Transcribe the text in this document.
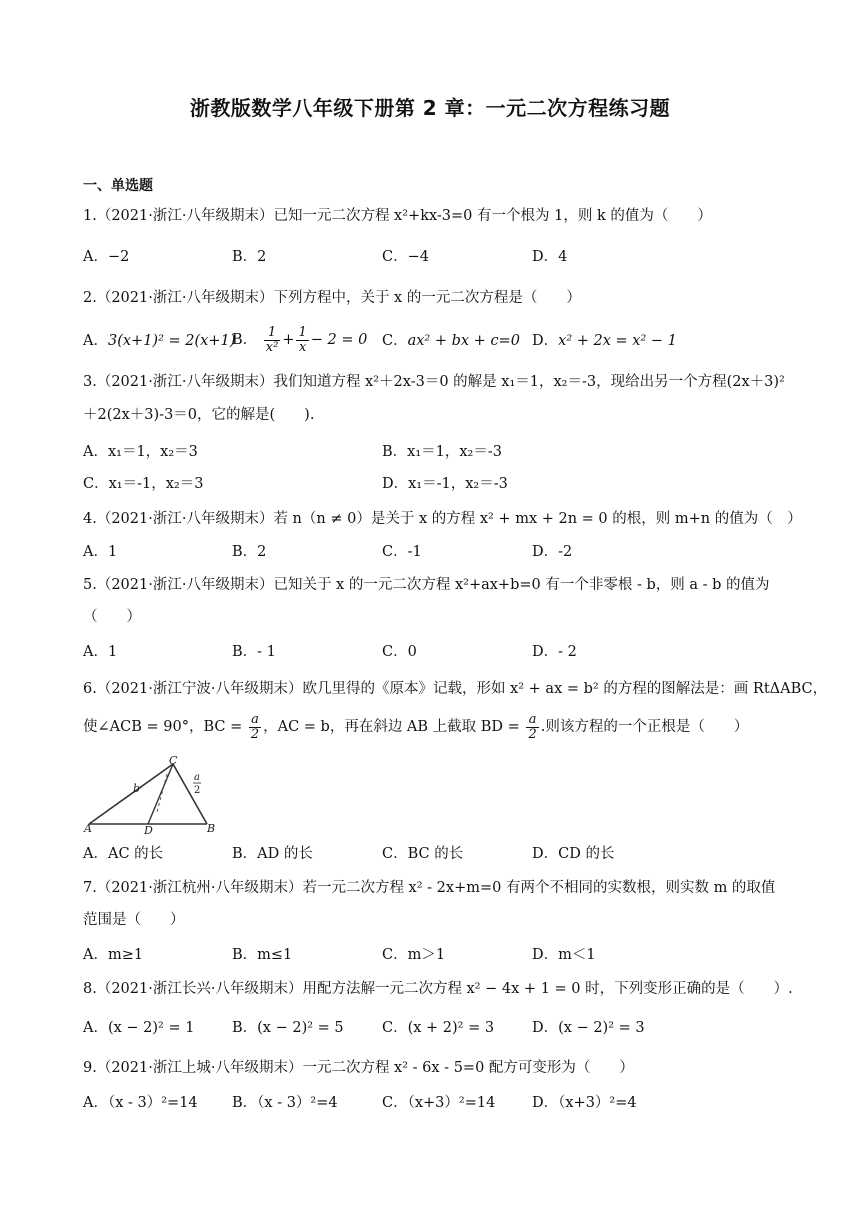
浙教版数学八年级下册第 2 章：一元二次方程练习题
一、单选题
1.（2021·浙江·八年级期末）已知一元二次方程 x²+kx-3=0 有一个根为 1，则 k 的值为（　　）
A．−2	B．2	C．−4	D．4
2.（2021·浙江·八年级期末）下列方程中，关于 x 的一元二次方程是（　　）
A．3(x+1)² = 2(x+1)
B． $\frac{1}{\text{x²}} + \frac{1}{x} - 2 = 0$ C．ax² + bx + c=0 D．x² + 2x = x² − 1
3.（2021·浙江·八年级期末）我们知道方程 x²＋2x-3＝0 的解是 x₁＝1，x₂＝-3，现给出另一个方程(2x＋3)²
＋2(2x＋3)-3＝0，它的解是(　　).
A．x₁＝1，x₂＝3	B．x₁＝1，x₂＝-3
C．x₁＝-1，x₂＝3	D．x₁＝-1，x₂＝-3
4.（2021·浙江·八年级期末）若 n（n ≠ 0）是关于 x 的方程 x² + mx + 2n = 0 的根，则 m+n 的值为（　）
A．1	B．2	C．-1	D．-2
5.（2021·浙江·八年级期末）已知关于 x 的一元二次方程 x²+ax+b=0 有一个非零根 - b，则 a - b 的值为
（　　）
A．1	B．- 1	C．0	D．- 2
6.（2021·浙江宁波·八年级期末）欧几里得的《原本》记载，形如 x² + ax = b² 的方程的图解法是：画 RtΔABC，
使∠ACB = 90°，BC = $\frac{a}{2}$ ，AC = b，再在斜边 AB 上截取 BD = $\frac{a}{2}$ .则该方程的一个正根是（　　）
A	B
C
D
b
a
2
A．AC 的长	B．AD 的长	C．BC 的长	D．CD 的长
7.（2021·浙江杭州·八年级期末）若一元二次方程 x² - 2x+m=0 有两个不相同的实数根，则实数 m 的取值
范围是（　　）
A．m≥1	B．m≤1	C．m＞1	D．m＜1
8.（2021·浙江长兴·八年级期末）用配方法解一元二次方程 x² − 4x + 1 = 0 时，下列变形正确的是（　　）.
A．(x − 2)² = 1	B．(x − 2)² = 5	C．(x + 2)² = 3	D．(x − 2)² = 3
9.（2021·浙江上城·八年级期末）一元二次方程 x² - 6x - 5=0 配方可变形为（　　）
A．（x - 3）²=14 B．（x - 3）²=4	C．（x+3）²=14	D．（x+3）²=4
